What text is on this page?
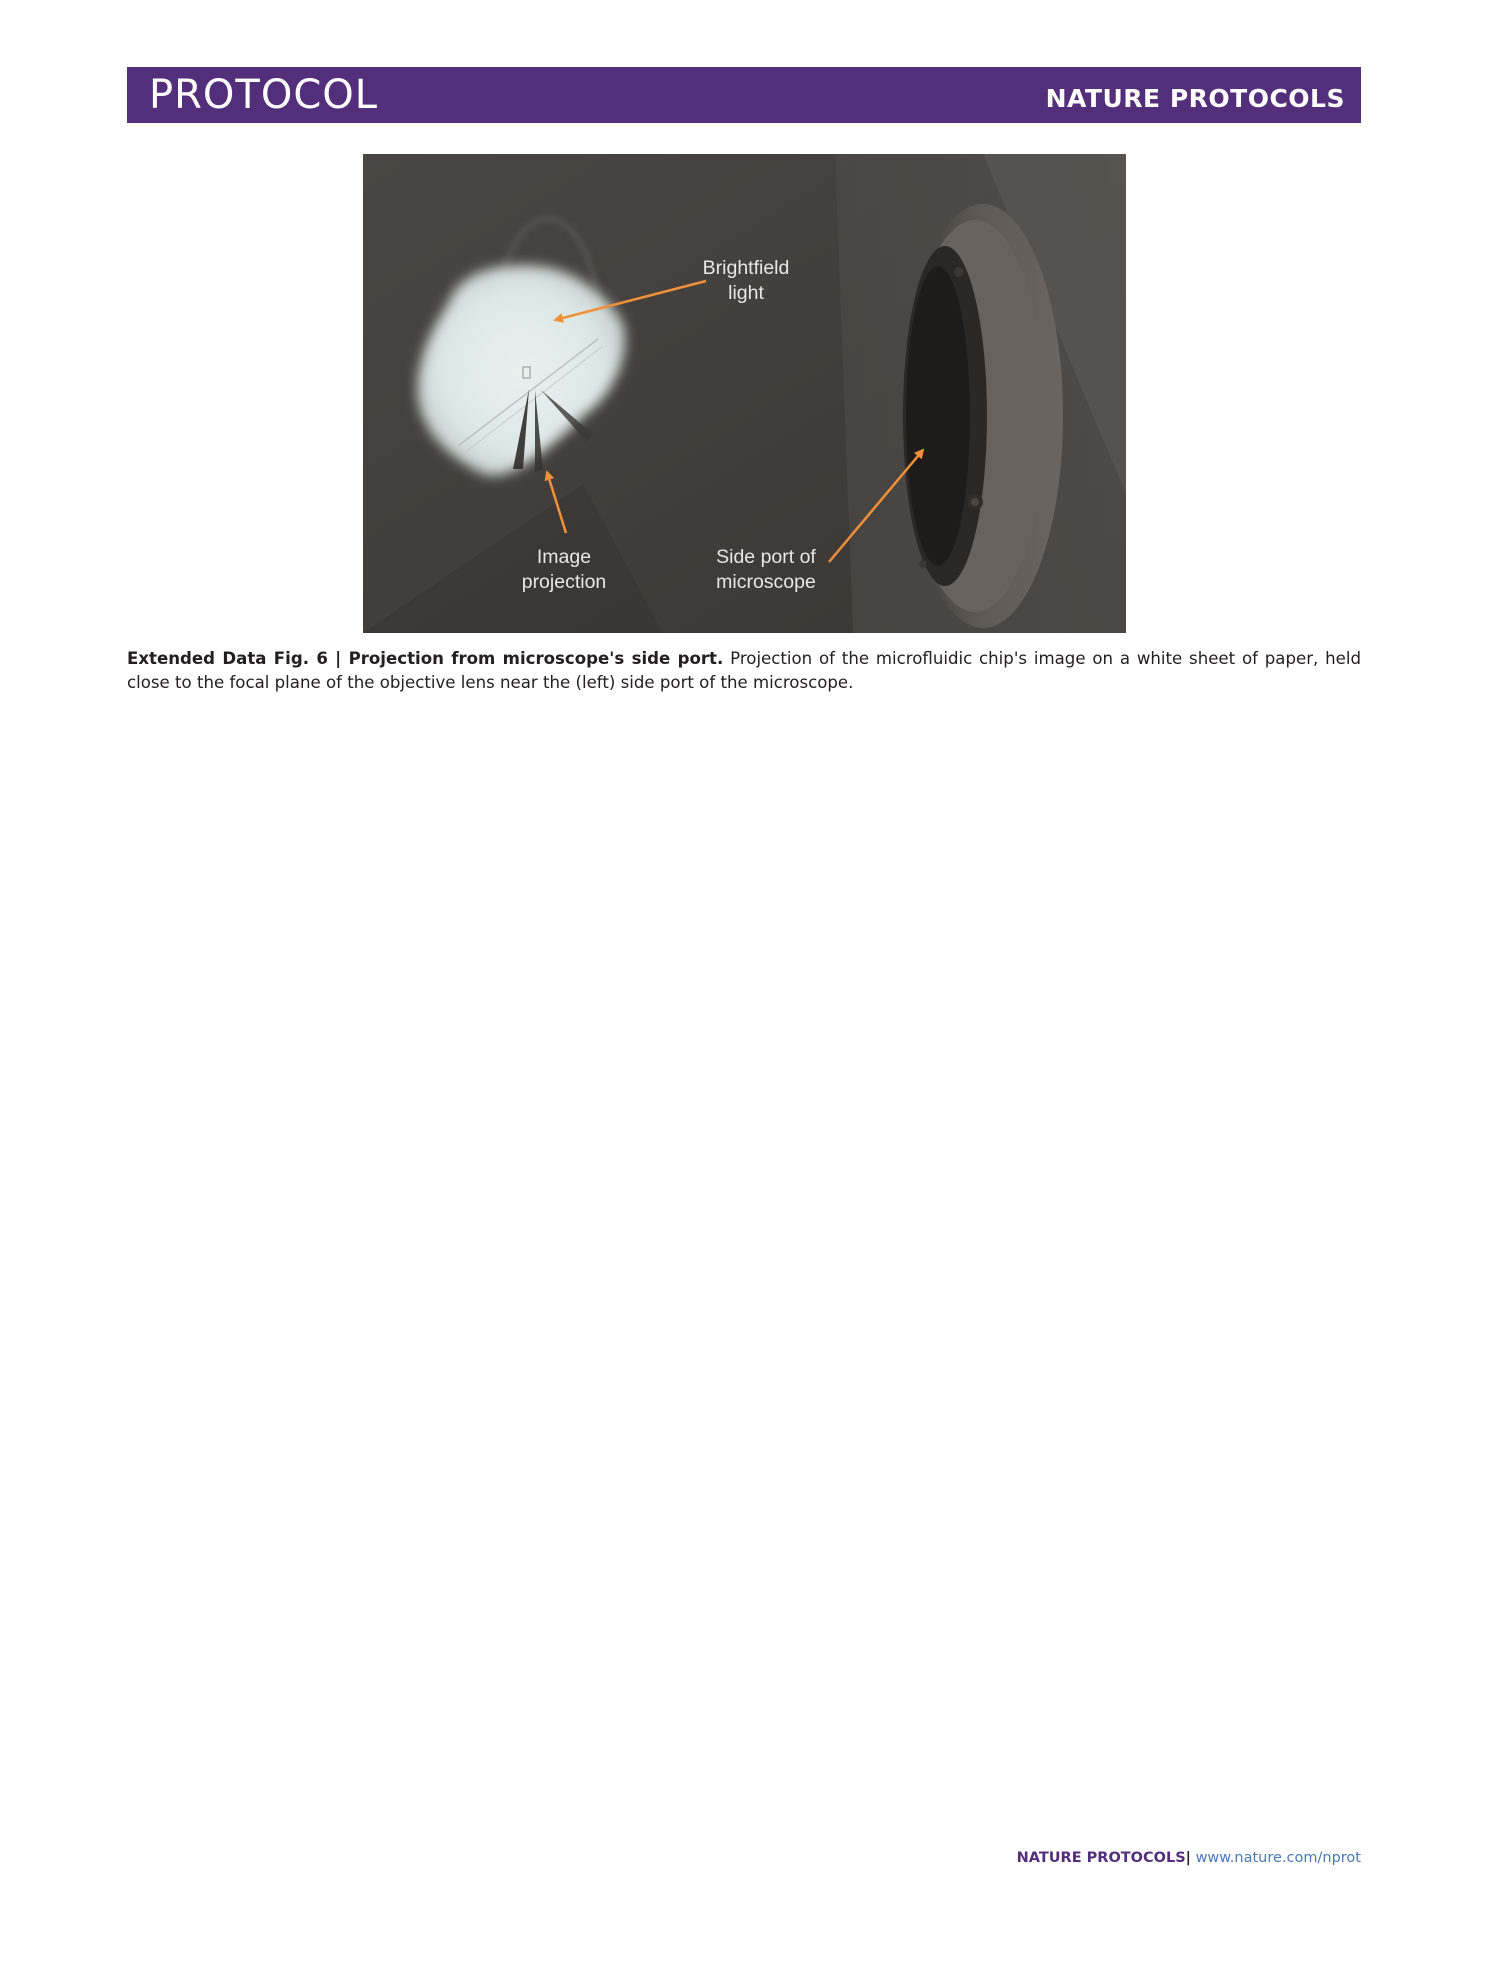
PROTOCOL	NATURE PROTOCOLS
Brightfield
light
Image
projection
Side port of
microscope
Extended Data Fig. 6 | Projection from microscope's side port. Projection of the microfluidic chip's image on a white sheet of paper, held close to the focal plane of the objective lens near the (left) side port of the microscope.
NATURE PROTOCOLS| www.nature.com/nprot
